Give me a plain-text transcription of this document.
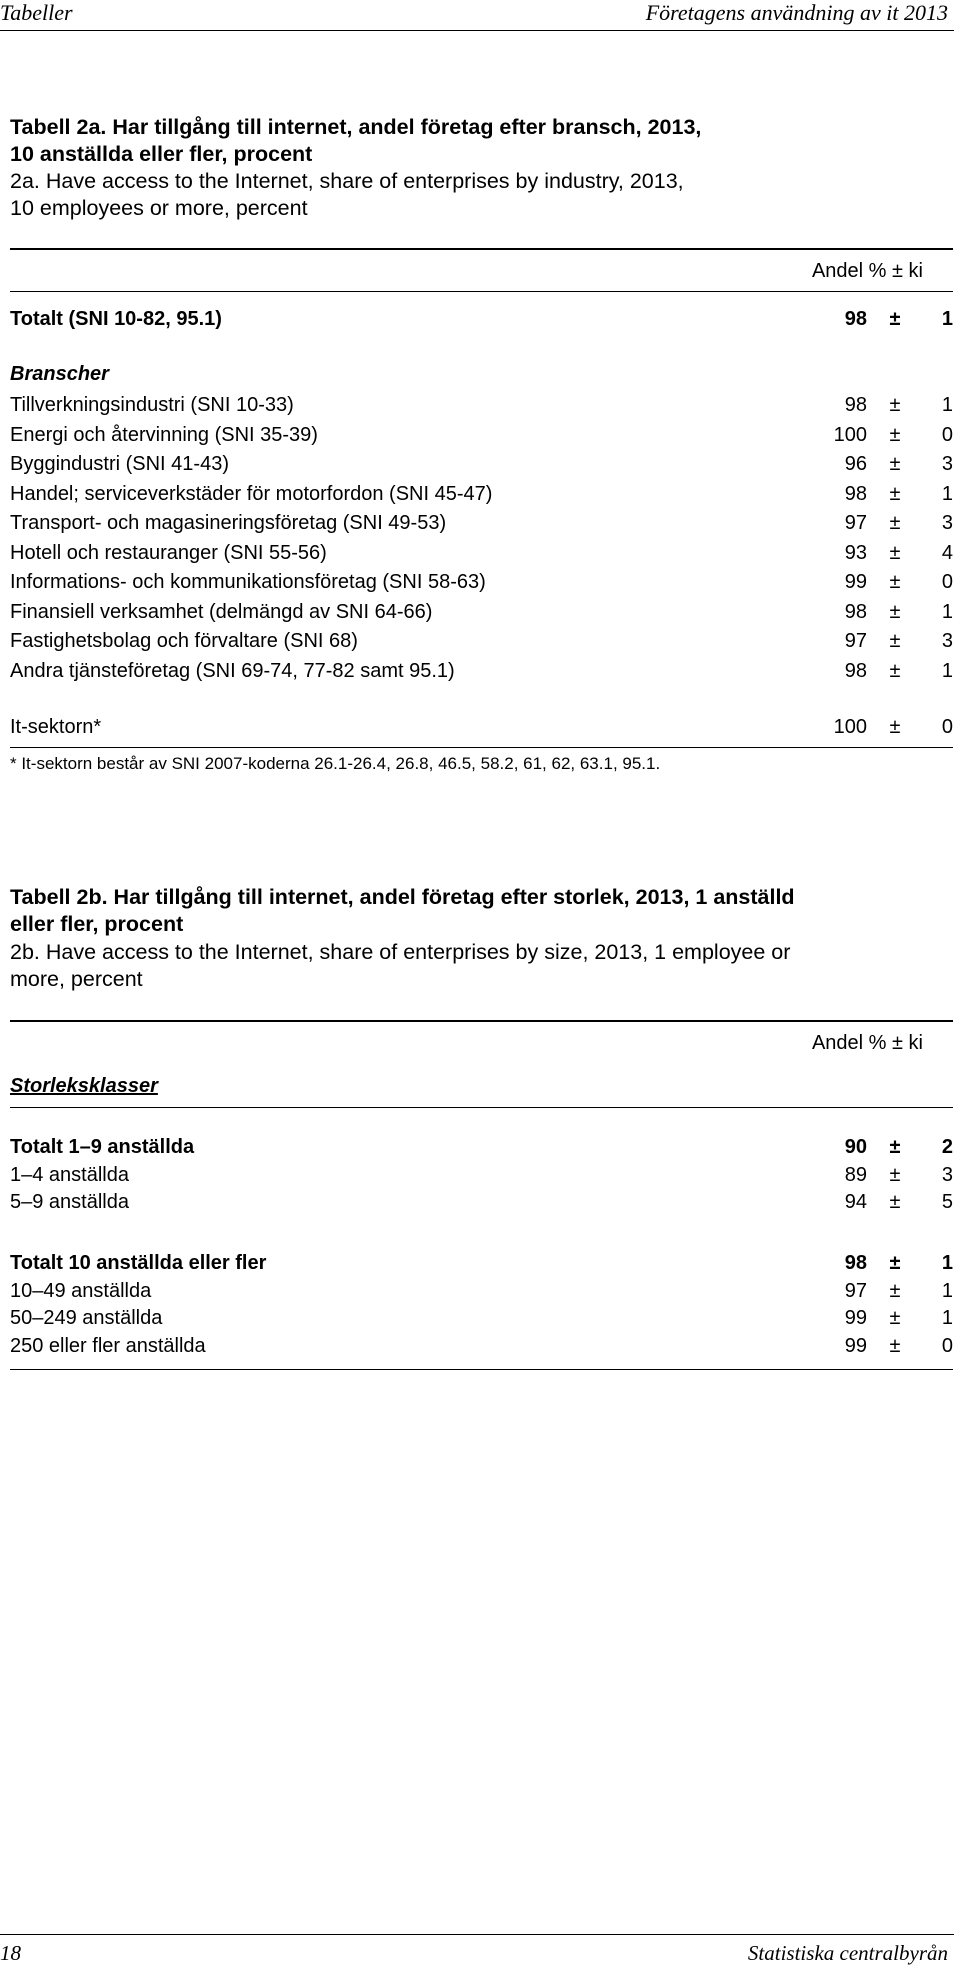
Tabeller	Företagens användning av it 2013
Tabell 2a. Har tillgång till internet, andel företag efter bransch, 2013,
10 anställda eller fler, procent
2a. Have access to the Internet, share of enterprises by industry, 2013,
10 employees or more, percent
Andel % ± ki
Totalt (SNI 10-82, 95.1)	98 ±	1
Branscher
Tillverkningsindustri (SNI 10-33)	98 ±	1
Energi och återvinning (SNI 35-39)	100 ±	0
Byggindustri (SNI 41-43)	96 ±	3
Handel; serviceverkstäder för motorfordon (SNI 45-47)	98 ±	1
Transport- och magasineringsföretag (SNI 49-53)	97 ±	3
Hotell och restauranger (SNI 55-56)	93 ±	4
Informations- och kommunikationsföretag (SNI 58-63)	99 ±	0
Finansiell verksamhet (delmängd av SNI 64-66)	98 ±	1
Fastighetsbolag och förvaltare (SNI 68)	97 ±	3
Andra tjänsteföretag (SNI 69-74, 77-82 samt 95.1)	98 ±	1
It-sektorn*	100 ±	0
* It-sektorn består av SNI 2007-koderna 26.1-26.4, 26.8, 46.5, 58.2, 61, 62, 63.1, 95.1.
Tabell 2b. Har tillgång till internet, andel företag efter storlek, 2013, 1 anställd
eller fler, procent
2b. Have access to the Internet, share of enterprises by size, 2013, 1 employee or
more, percent
Andel % ± ki
Storleksklasser
Totalt 1–9 anställda	90 ±	2
1–4 anställda	89 ±	3
5–9 anställda	94 ±	5
Totalt 10 anställda eller fler	98 ±	1
10–49 anställda	97 ±	1
50–249 anställda	99 ±	1
250 eller fler anställda	99 ±	0
18	Statistiska centralbyrån
